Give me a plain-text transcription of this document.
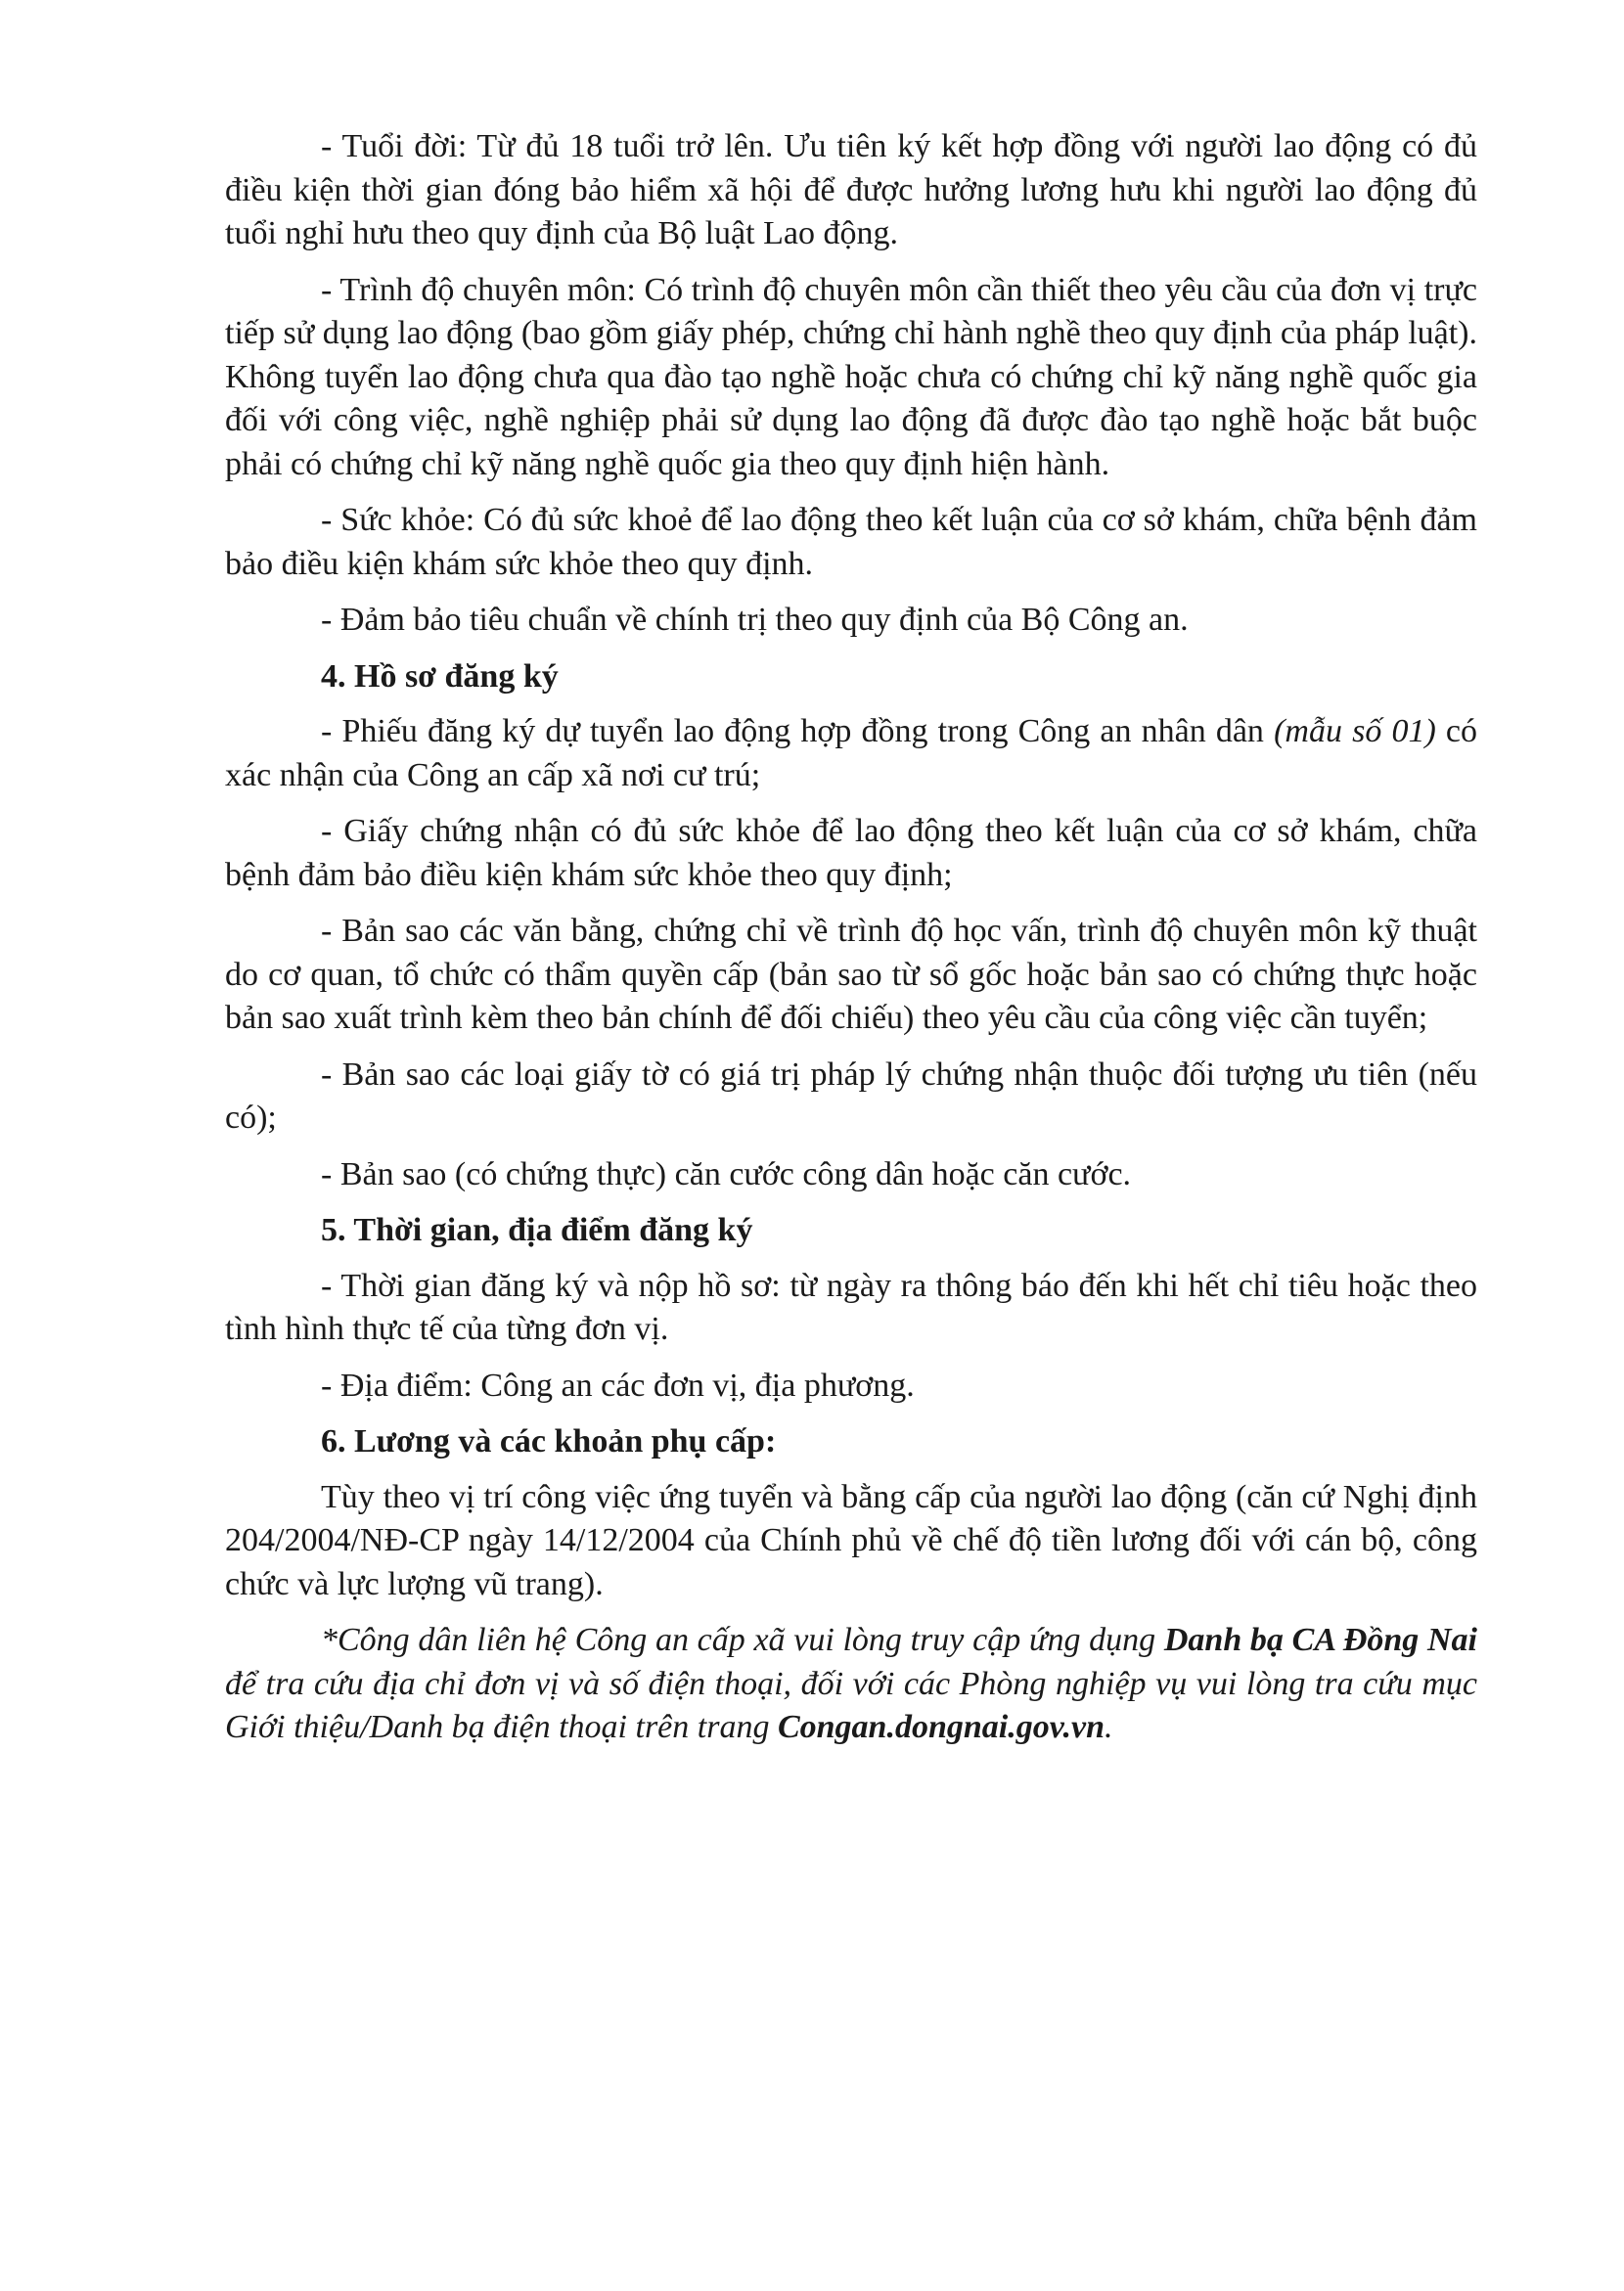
- Tuổi đời: Từ đủ 18 tuổi trở lên. Ưu tiên ký kết hợp đồng với người lao động có đủ điều kiện thời gian đóng bảo hiểm xã hội để được hưởng lương hưu khi người lao động đủ tuổi nghỉ hưu theo quy định của Bộ luật Lao động.

- Trình độ chuyên môn: Có trình độ chuyên môn cần thiết theo yêu cầu của đơn vị trực tiếp sử dụng lao động (bao gồm giấy phép, chứng chỉ hành nghề theo quy định của pháp luật). Không tuyển lao động chưa qua đào tạo nghề hoặc chưa có chứng chỉ kỹ năng nghề quốc gia đối với công việc, nghề nghiệp phải sử dụng lao động đã được đào tạo nghề hoặc bắt buộc phải có chứng chỉ kỹ năng nghề quốc gia theo quy định hiện hành.

- Sức khỏe: Có đủ sức khoẻ để lao động theo kết luận của cơ sở khám, chữa bệnh đảm bảo điều kiện khám sức khỏe theo quy định.

- Đảm bảo tiêu chuẩn về chính trị theo quy định của Bộ Công an.

4. Hồ sơ đăng ký

- Phiếu đăng ký dự tuyển lao động hợp đồng trong Công an nhân dân (mẫu số 01) có xác nhận của Công an cấp xã nơi cư trú;

- Giấy chứng nhận có đủ sức khỏe để lao động theo kết luận của cơ sở khám, chữa bệnh đảm bảo điều kiện khám sức khỏe theo quy định;

- Bản sao các văn bằng, chứng chỉ về trình độ học vấn, trình độ chuyên môn kỹ thuật do cơ quan, tổ chức có thẩm quyền cấp (bản sao từ sổ gốc hoặc bản sao có chứng thực hoặc bản sao xuất trình kèm theo bản chính để đối chiếu) theo yêu cầu của công việc cần tuyển;

- Bản sao các loại giấy tờ có giá trị pháp lý chứng nhận thuộc đối tượng ưu tiên (nếu có);

- Bản sao (có chứng thực) căn cước công dân hoặc căn cước.

5. Thời gian, địa điểm đăng ký

- Thời gian đăng ký và nộp hồ sơ: từ ngày ra thông báo đến khi hết chỉ tiêu hoặc theo tình hình thực tế của từng đơn vị.

- Địa điểm: Công an các đơn vị, địa phương.

6. Lương và các khoản phụ cấp:

Tùy theo vị trí công việc ứng tuyển và bằng cấp của người lao động (căn cứ Nghị định 204/2004/NĐ-CP ngày 14/12/2004 của Chính phủ về chế độ tiền lương đối với cán bộ, công chức và lực lượng vũ trang).

*Công dân liên hệ Công an cấp xã vui lòng truy cập ứng dụng Danh bạ CA Đồng Nai để tra cứu địa chỉ đơn vị và số điện thoại, đối với các Phòng nghiệp vụ vui lòng tra cứu mục Giới thiệu/Danh bạ điện thoại trên trang Congan.dongnai.gov.vn.
